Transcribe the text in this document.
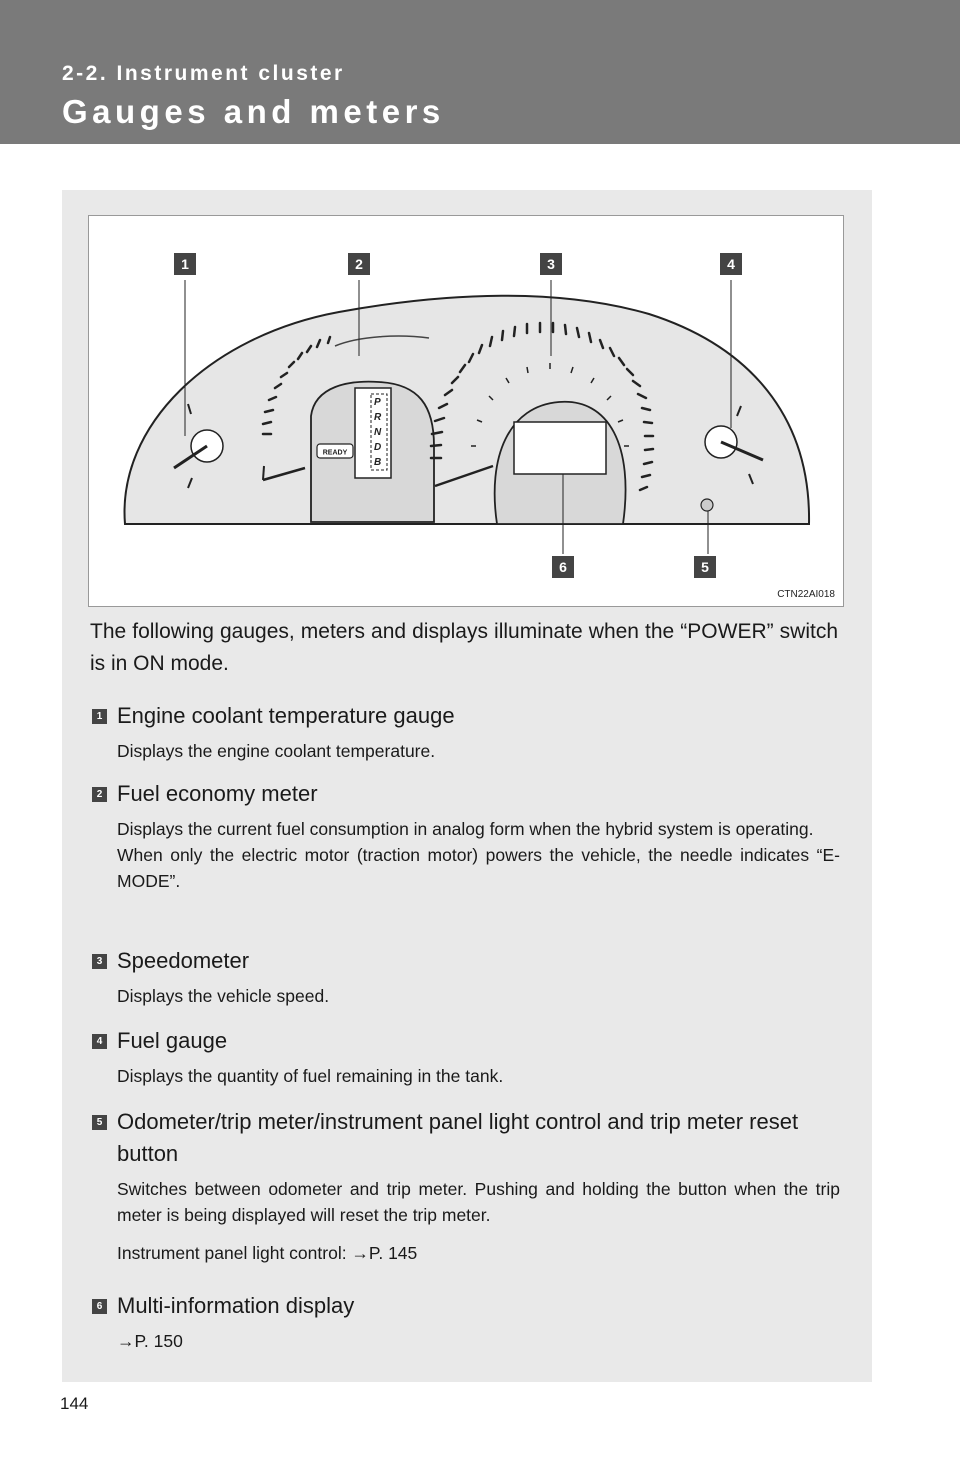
2-2. Instrument cluster
Gauges and meters
P
R
N
D
B
READY
1	2	3	4
5
6
CTN22AI018
The following gauges, meters and displays illuminate when the “POWER” switch is in ON mode.
1 Engine coolant temperature gauge
Displays the engine coolant temperature.
2 Fuel economy meter
Displays the current fuel consumption in analog form when the hybrid system is operating.
When only the electric motor (traction motor) powers the vehicle, the needle indicates “E-MODE”.
3 Speedometer
Displays the vehicle speed.
4 Fuel gauge
Displays the quantity of fuel remaining in the tank.
5 Odometer/trip meter/instrument panel light control and trip meter reset button
Switches between odometer and trip meter. Pushing and holding the button when the trip meter is being displayed will reset the trip meter.
Instrument panel light control: →P. 145
6 Multi-information display
→P. 150
144
